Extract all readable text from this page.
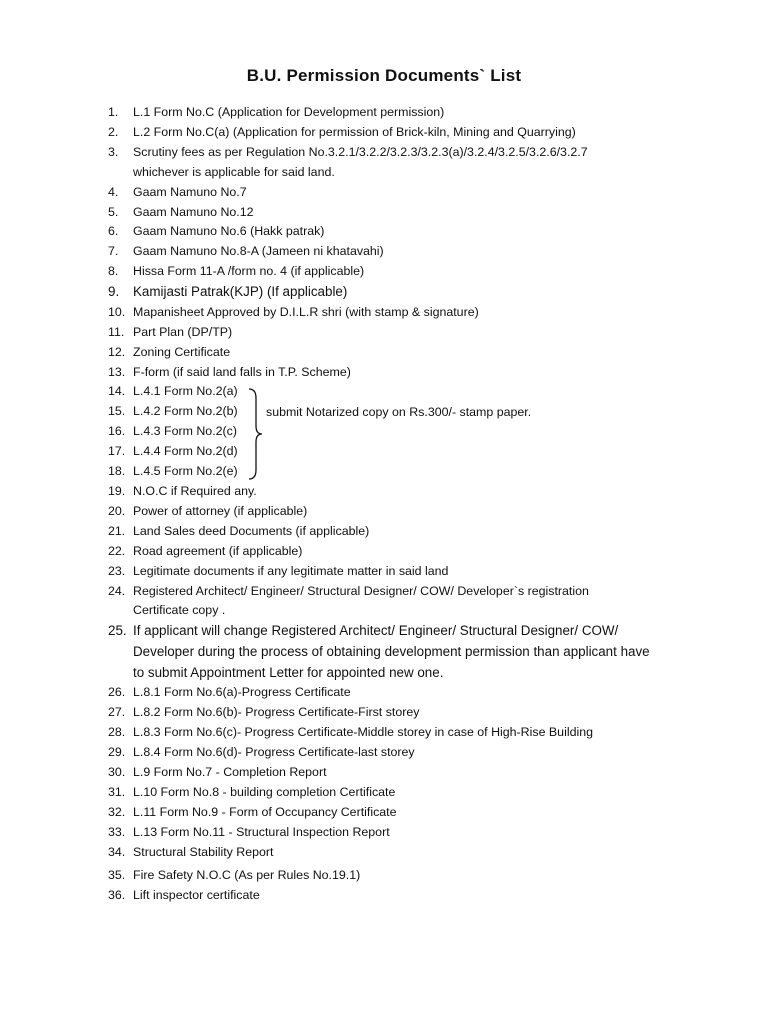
B.U. Permission Documents` List
1. L.1 Form No.C (Application for Development permission)
2. L.2 Form No.C(a) (Application for permission of Brick-kiln, Mining and Quarrying)
3. Scrutiny fees as per Regulation No.3.2.1/3.2.2/3.2.3/3.2.3(a)/3.2.4/3.2.5/3.2.6/3.2.7 whichever is applicable for said land.
4. Gaam Namuno No.7
5. Gaam Namuno No.12
6. Gaam Namuno No.6 (Hakk patrak)
7. Gaam Namuno No.8-A (Jameen ni khatavahi)
8. Hissa Form 11-A /form no. 4 (if applicable)
9. Kamijasti Patrak(KJP) (If applicable)
10. Mapanisheet Approved by D.I.L.R shri (with stamp & signature)
11. Part Plan (DP/TP)
12. Zoning Certificate
13. F-form (if said land falls in T.P. Scheme)
14. L.4.1 Form No.2(a)
15. L.4.2 Form No.2(b)
16. L.4.3 Form No.2(c)
17. L.4.4 Form No.2(d)
18. L.4.5 Form No.2(e)
19. N.O.C if Required any.
20. Power of attorney (if applicable)
21. Land Sales deed Documents (if applicable)
22. Road agreement (if applicable)
23. Legitimate documents if any legitimate matter in said land
24. Registered Architect/ Engineer/ Structural Designer/ COW/ Developer`s registration Certificate copy .
25. If applicant will change Registered Architect/ Engineer/ Structural Designer/ COW/ Developer during the process of obtaining development permission than applicant have to submit Appointment Letter for appointed new one.
26. L.8.1 Form No.6(a)-Progress Certificate
27. L.8.2 Form No.6(b)- Progress Certificate-First storey
28. L.8.3 Form No.6(c)- Progress Certificate-Middle storey in case of High-Rise Building
29. L.8.4 Form No.6(d)- Progress Certificate-last storey
30. L.9 Form No.7 - Completion Report
31. L.10 Form No.8 - building completion Certificate
32. L.11 Form No.9 - Form of Occupancy Certificate
33. L.13 Form No.11 - Structural Inspection Report
34. Structural Stability Report
35. Fire Safety N.O.C (As per Rules No.19.1)
36. Lift inspector certificate
submit Notarized copy on Rs.300/- stamp paper.
